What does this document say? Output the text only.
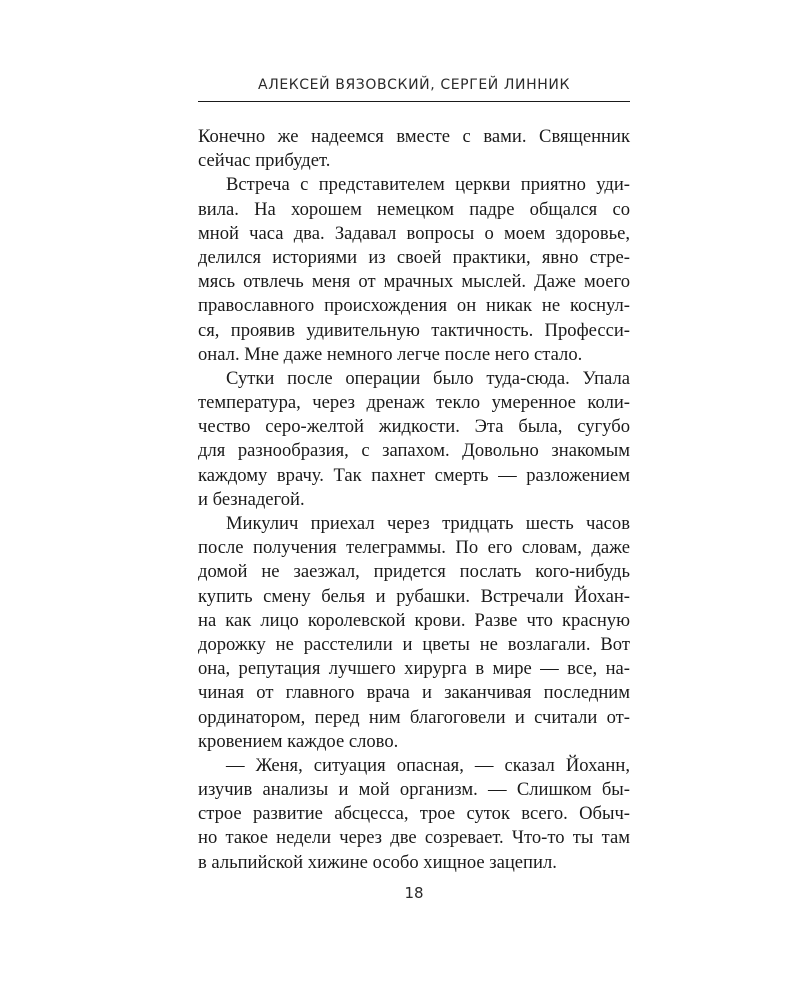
АЛЕКСЕЙ ВЯЗОВСКИЙ, СЕРГЕЙ ЛИННИК
Конечно же надеемся вместе с вами. Священник
сейчас прибудет.
Встреча с представителем церкви приятно уди-
вила. На хорошем немецком падре общался со
мной часа два. Задавал вопросы о моем здоровье,
делился историями из своей практики, явно стре-
мясь отвлечь меня от мрачных мыслей. Даже моего
православного происхождения он никак не коснул-
ся, проявив удивительную тактичность. Професси-
онал. Мне даже немного легче после него стало.
Сутки после операции было туда-сюда. Упала
температура, через дренаж текло умеренное коли-
чество серо-желтой жидкости. Эта была, сугубо
для разнообразия, с запахом. Довольно знакомым
каждому врачу. Так пахнет смерть — разложением
и безнадегой.
Микулич приехал через тридцать шесть часов
после получения телеграммы. По его словам, даже
домой не заезжал, придется послать кого-нибудь
купить смену белья и рубашки. Встречали Йохан-
на как лицо королевской крови. Разве что красную
дорожку не расстелили и цветы не возлагали. Вот
она, репутация лучшего хирурга в мире — все, на-
чиная от главного врача и заканчивая последним
ординатором, перед ним благоговели и считали от-
кровением каждое слово.
— Женя, ситуация опасная, — сказал Йоханн,
изучив анализы и мой организм. — Слишком бы-
строе развитие абсцесса, трое суток всего. Обыч-
но такое недели через две созревает. Что-то ты там
в альпийской хижине особо хищное зацепил.
18
